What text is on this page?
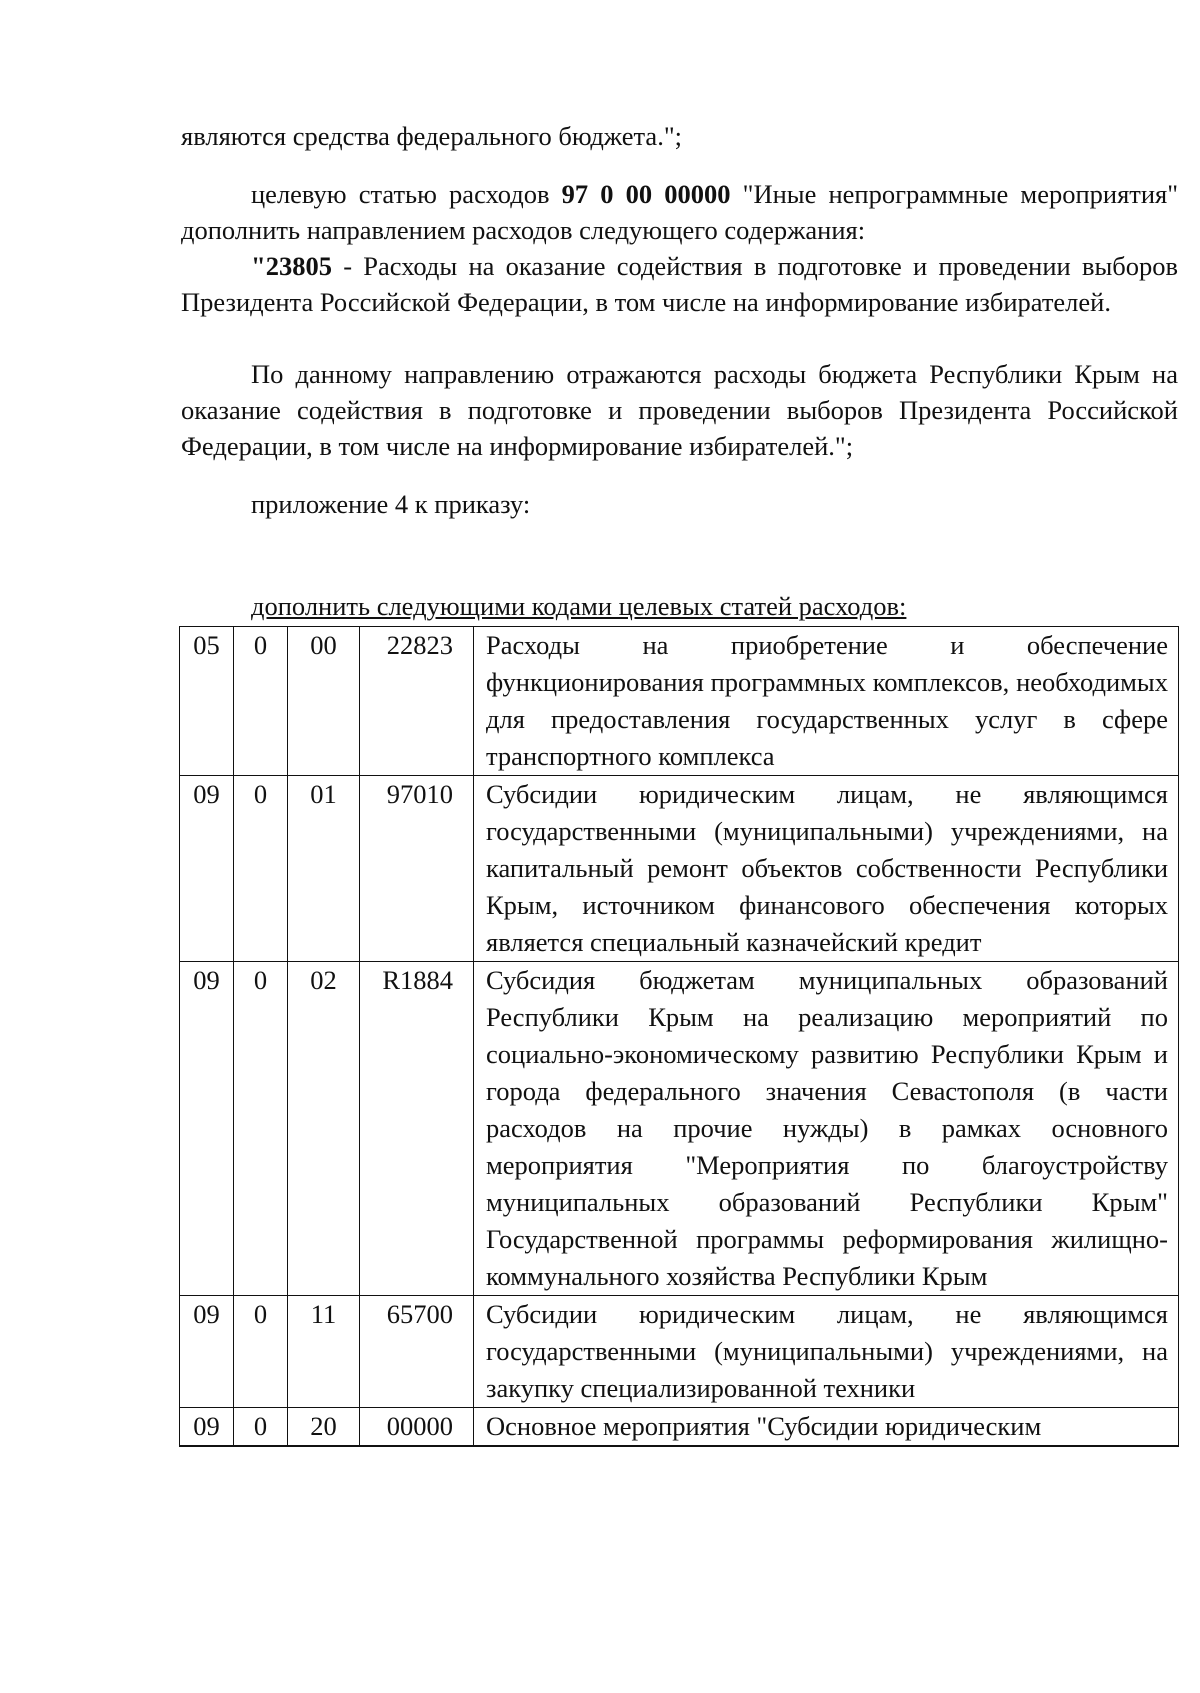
являются средства федерального бюджета.";

целевую статью расходов 97 0 00 00000 "Иные непрограммные мероприятия" дополнить направлением расходов следующего содержания:

"23805 - Расходы на оказание содействия в подготовке и проведении выборов Президента Российской Федерации, в том числе на информирование избирателей.

По данному направлению отражаются расходы бюджета Республики Крым на оказание содействия в подготовке и проведении выборов Президента Российской Федерации, в том числе на информирование избирателей.";

приложение 4 к приказу:

дополнить следующими кодами целевых статей расходов:

05	0	00	22823	Расходы на приобретение и обеспечение функционирования программных комплексов, необходимых для предоставления государственных услуг в сфере транспортного комплекса
09	0	01	97010	Субсидии юридическим лицам, не являющимся государственными (муниципальными) учреждениями, на капитальный ремонт объектов собственности Республики Крым, источником финансового обеспечения которых является специальный казначейский кредит
09	0	02	R1884	Субсидия бюджетам муниципальных образований Республики Крым на реализацию мероприятий по социально-экономическому развитию Республики Крым и города федерального значения Севастополя (в части расходов на прочие нужды) в рамках основного мероприятия "Мероприятия по благоустройству муниципальных образований Республики Крым" Государственной программы реформирования жилищно-коммунального хозяйства Республики Крым
09	0	11	65700	Субсидии юридическим лицам, не являющимся государственными (муниципальными) учреждениями, на закупку специализированной техники
09	0	20	00000	Основное мероприятия "Субсидии юридическим
